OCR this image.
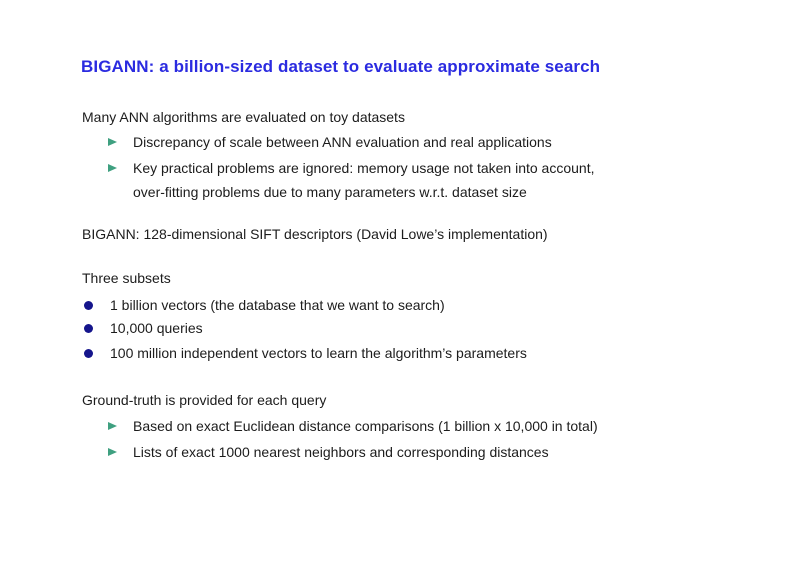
BIGANN: a billion-sized dataset to evaluate approximate search
Many ANN algorithms are evaluated on toy datasets
Discrepancy of scale between ANN evaluation and real applications
Key practical problems are ignored: memory usage not taken into account,
over-fitting problems due to many parameters w.r.t. dataset size
BIGANN: 128-dimensional SIFT descriptors (David Lowe’s implementation)
Three subsets
1 billion vectors (the database that we want to search)
10,000 queries
100 million independent vectors to learn the algorithm’s parameters
Ground-truth is provided for each query
Based on exact Euclidean distance comparisons (1 billion x 10,000 in total)
Lists of exact 1000 nearest neighbors and corresponding distances
